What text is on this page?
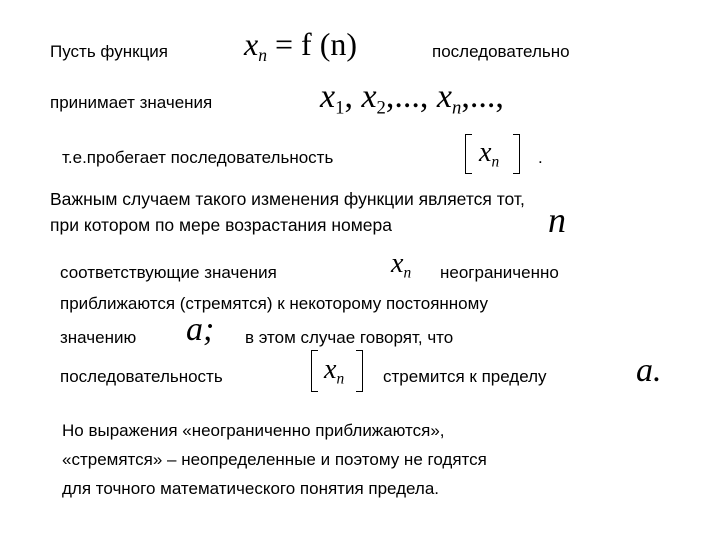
Пусть функция $x_n = f$ (n)	последовательно
принимает значения	$x_1$, $x_2$,..., $x_n$,...,
т.е.пробегает последовательность	$x_n$ .
Важным случаем такого изменения функции является тот,
при котором по мере возрастания номера	n
соответствующие значения	$x_n$ неограниченно
приближаются (стремятся) к некоторому постоянному
значению a; в этом случае говорят, что
последовательность	$x_n$ стремится к пределу	a.
Но выражения «неограниченно приближаются»,
«стремятся» – неопределенные и поэтому не годятся
для точного математического понятия предела.
